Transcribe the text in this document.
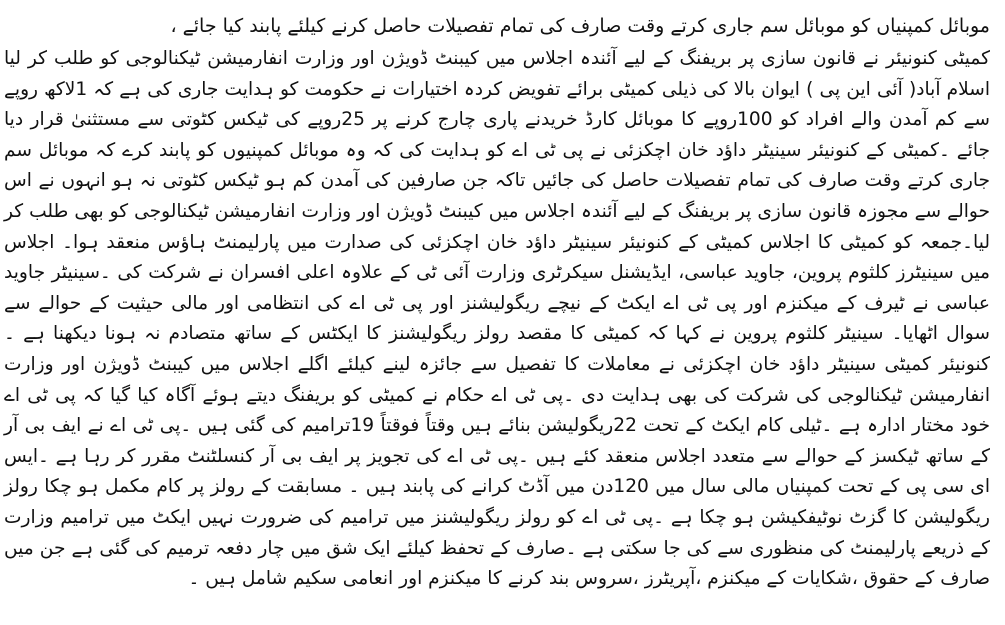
موبائل کمپنیاں کو موبائل سم جاری کرتے وقت صارف کی تمام تفصیلات حاصل کرنے کیلئے پابند کیا جائے ،

کمیٹی کنونیئر نے قانون سازی پر بریفنگ کے لیے آئندہ اجلاس میں کیبنٹ ڈویژن اور وزارت انفارمیشن ٹیکنالوجی کو طلب کر لیا اسلام آباد( آئی این پی ) ایوان بالا کی ذیلی کمیٹی برائے تفویض کردہ اختیارات نے حکومت کو ہدایت جاری کی ہے کہ 1لاکھ روپے سے کم آمدن والے افراد کو 100روپے کا موبائل کارڈ خریدنے پاری چارج کرنے پر 25روپے کی ٹیکس کٹوتی سے مستثنیٰ قرار دیا جائے ۔کمیٹی کے کنونیئر سینیٹر داؤد خان اچکزئی نے پی ٹی اے کو ہدایت کی کہ وہ موبائل کمپنیوں کو پابند کرے کہ موبائل سم جاری کرتے وقت صارف کی تمام تفصیلات حاصل کی جائیں تاکہ جن صارفین کی آمدن کم ہو ٹیکس کٹوتی نہ ہو انہوں نے اس حوالے سے مجوزہ قانون سازی پر بریفنگ کے لیے آئندہ اجلاس میں کیبنٹ ڈویژن اور وزارت انفارمیشن ٹیکنالوجی کو بھی طلب کر لیا۔جمعہ کو کمیٹی کا اجلاس کمیٹی کے کنونیئر سینیٹر داؤد خان اچکزئی کی صدارت میں پارلیمنٹ ہاؤس منعقد ہوا۔ اجلاس میں سینیٹرز کلثوم پروین، جاوید عباسی، ایڈیشنل سیکرٹری وزارت آئی ٹی کے علاوہ اعلی افسران نے شرکت کی ۔سینیٹر جاوید عباسی نے ٹیرف کے میکنزم اور پی ٹی اے ایکٹ کے نیچے ریگولیشنز اور پی ٹی اے کی انتظامی اور مالی حیثیت کے حوالے سے سوال اٹھایا۔ سینیٹر کلثوم پروین نے کہا کہ کمیٹی کا مقصد رولز ریگولیشنز کا ایکٹس کے ساتھ متصادم نہ ہونا دیکھنا ہے ۔کنونیئر کمیٹی سینیٹر داؤد خان اچکزئی نے معاملات کا تفصیل سے جائزہ لینے کیلئے اگلے اجلاس میں کیبنٹ ڈویژن اور وزارت انفارمیشن ٹیکنالوجی کی شرکت کی بھی ہدایت دی ۔پی ٹی اے حکام نے کمیٹی کو بریفنگ دیتے ہوئے آگاہ کیا گیا کہ پی ٹی اے خود مختار ادارہ ہے ۔ٹیلی کام ایکٹ کے تحت 22ریگولیشن بنائے ہیں وقتاً فوقتاً 19ترامیم کی گئی ہیں ۔پی ٹی اے نے ایف بی آر کے ساتھ ٹیکسز کے حوالے سے متعدد اجلاس منعقد کئے ہیں ۔پی ٹی اے کی تجویز پر ایف بی آر کنسلٹنٹ مقرر کر رہا ہے ۔ایس ای سی پی کے تحت کمپنیاں مالی سال میں 120دن میں آڈٹ کرانے کی پابند ہیں ۔ مسابقت کے رولز پر کام مکمل ہو چکا رولز ریگولیشن کا گزٹ نوٹیفکیشن ہو چکا ہے ۔پی ٹی اے کو رولز ریگولیشنز میں ترامیم کی ضرورت نہیں ایکٹ میں ترامیم وزارت کے ذریعے پارلیمنٹ کی منظوری سے کی جا سکتی ہے ۔صارف کے تحفظ کیلئے ایک شق میں چار دفعہ ترمیم کی گئی ہے جن میں صارف کے حقوق ،شکایات کے میکنزم ،آپریٹرز ،سروس بند کرنے کا میکنزم اور انعامی سکیم شامل ہیں ۔
